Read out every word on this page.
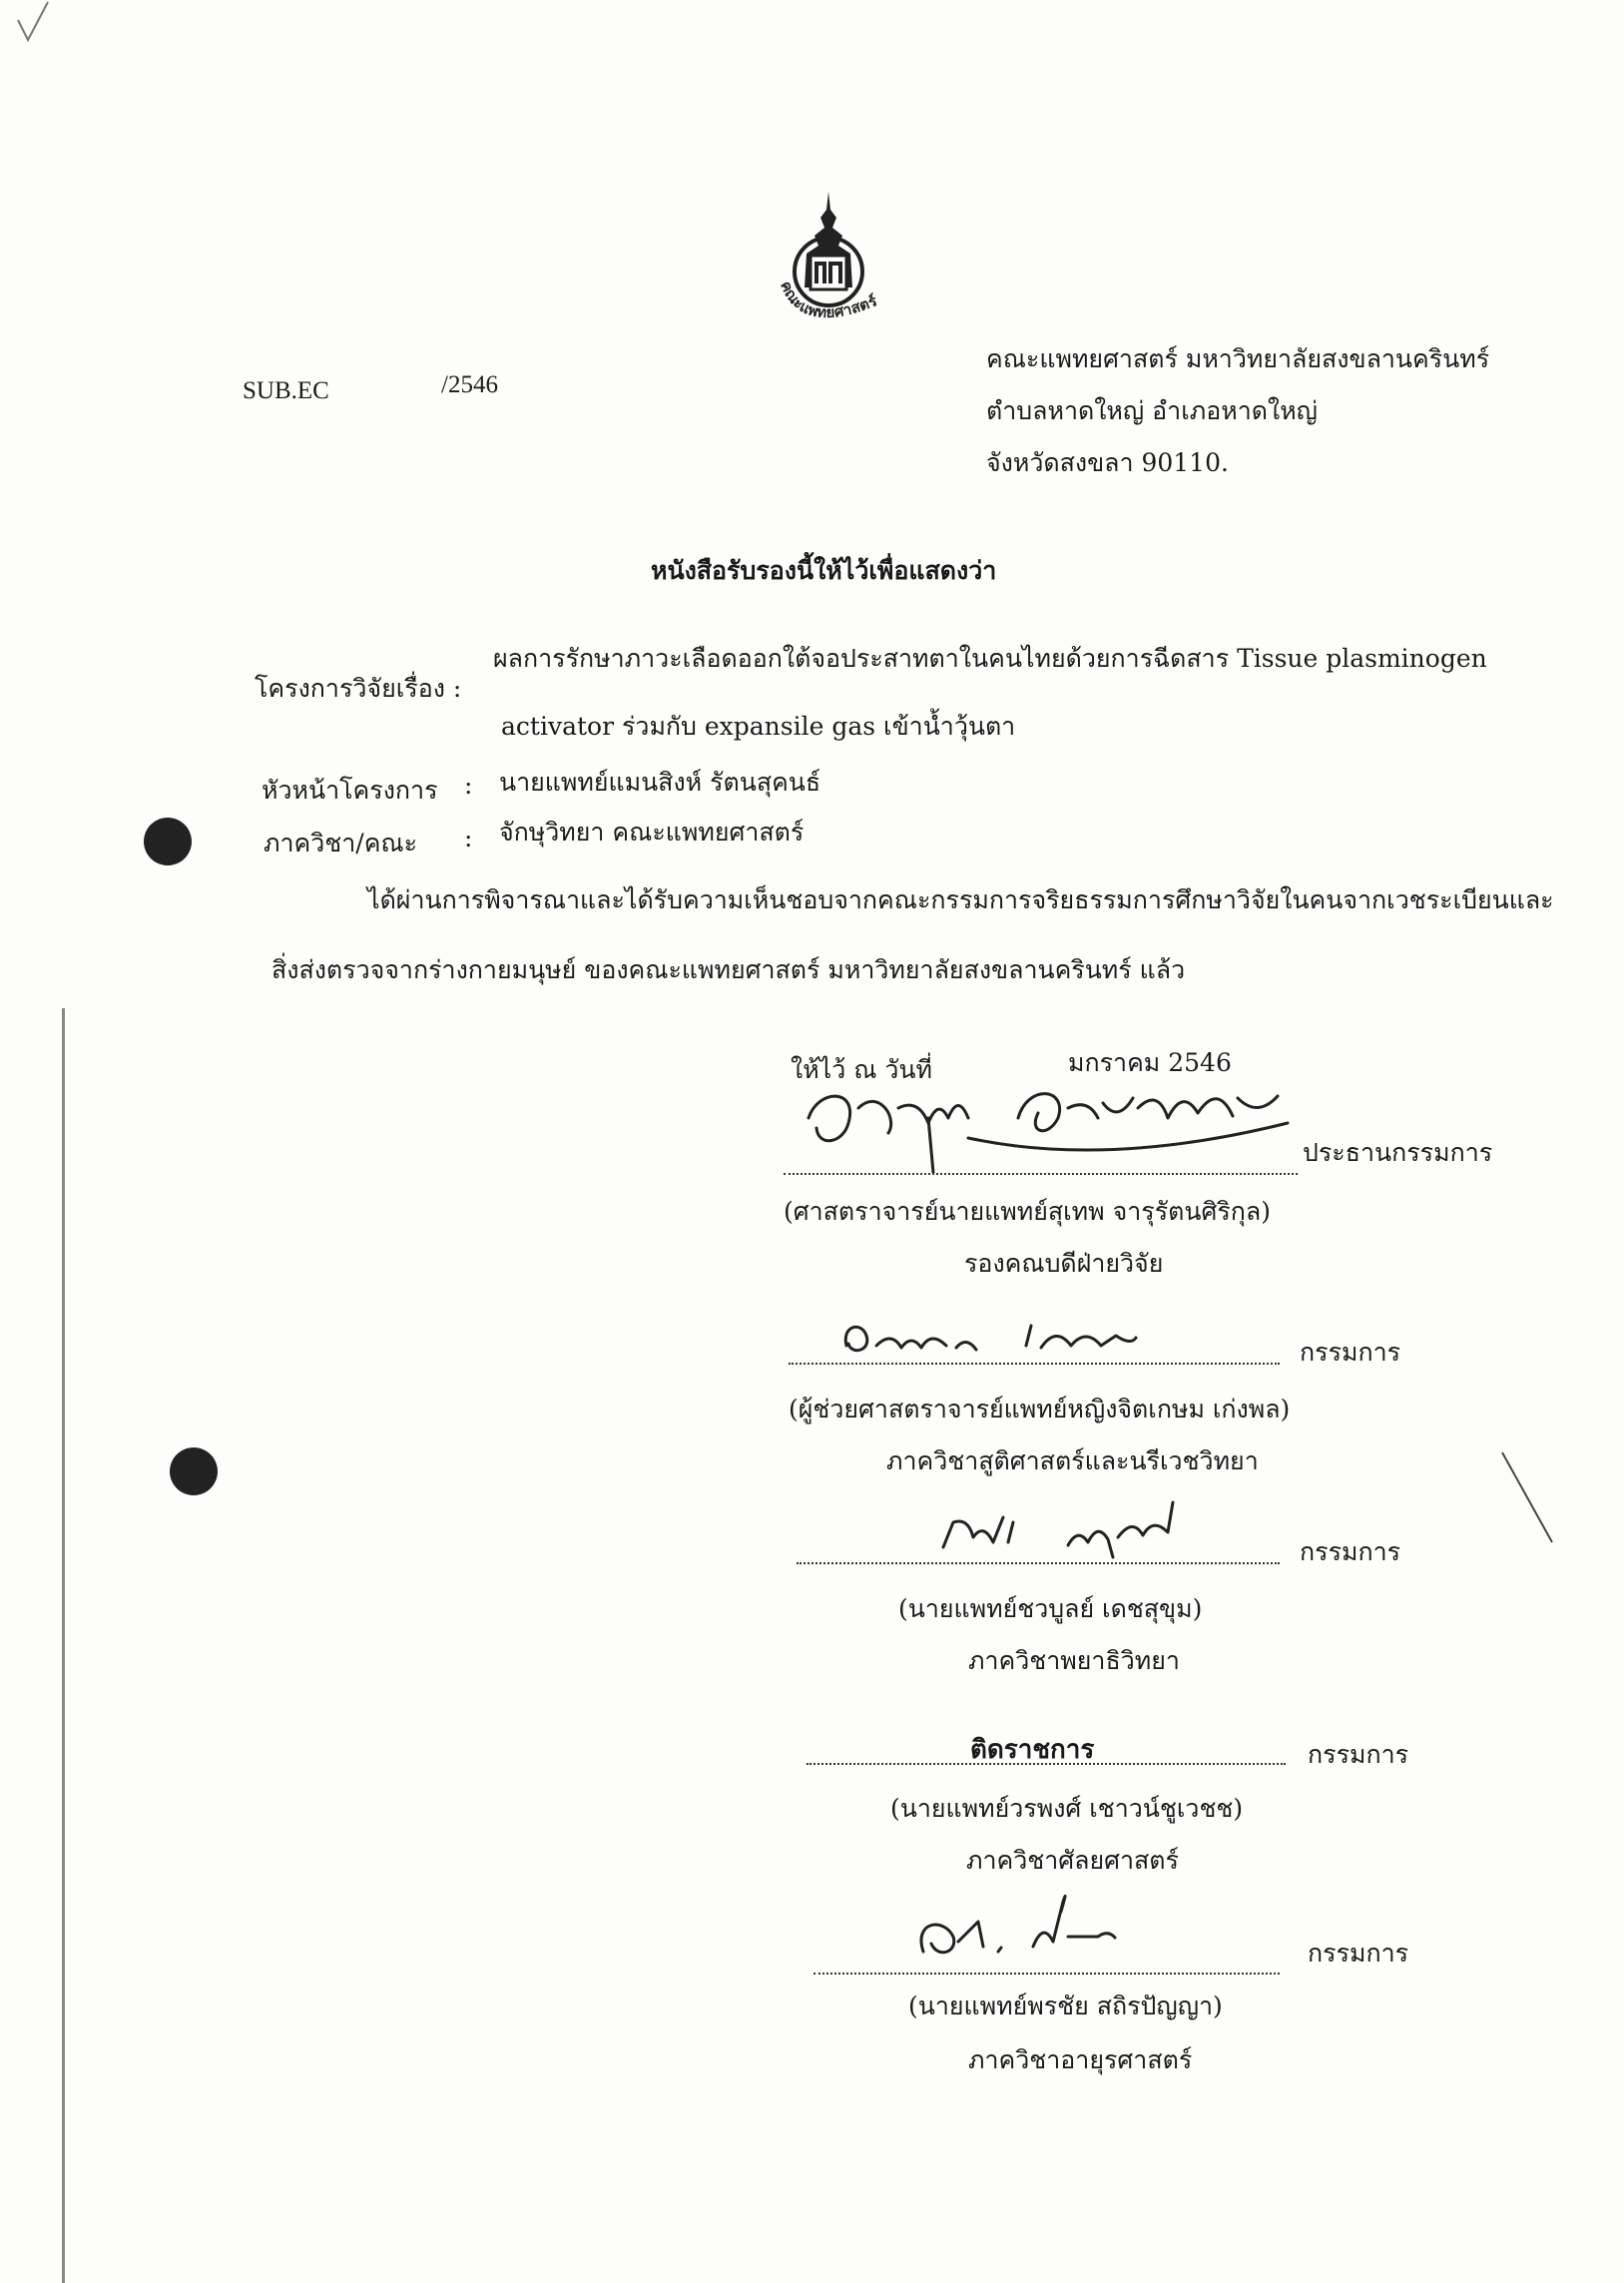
คณะแพทยศาสตร์
SUB.EC	/2546
คณะแพทยศาสตร์ มหาวิทยาลัยสงขลานครินทร์
ตำบลหาดใหญ่ อำเภอหาดใหญ่
จังหวัดสงขลา 90110.
หนังสือรับรองนี้ให้ไว้เพื่อแสดงว่า
โครงการวิจัยเรื่อง :
ผลการรักษาภาวะเลือดออกใต้จอประสาทตาในคนไทยด้วยการฉีดสาร Tissue plasminogen
activator ร่วมกับ expansile gas เข้าน้ำวุ้นตา
หัวหน้าโครงการ : นายแพทย์แมนสิงห์ รัตนสุคนธ์
ภาควิชา/คณะ : จักษุวิทยา คณะแพทยศาสตร์
ได้ผ่านการพิจารณาและได้รับความเห็นชอบจากคณะกรรมการจริยธรรมการศึกษาวิจัยในคนจากเวชระเบียนและ
สิ่งส่งตรวจจากร่างกายมนุษย์ ของคณะแพทยศาสตร์ มหาวิทยาลัยสงขลานครินทร์ แล้ว
ให้ไว้ ณ วันที่	มกราคม 2546
ประธานกรรมการ
(ศาสตราจารย์นายแพทย์สุเทพ จารุรัตนศิริกุล)
รองคณบดีฝ่ายวิจัย
กรรมการ
(ผู้ช่วยศาสตราจารย์แพทย์หญิงจิตเกษม เก่งพล)
ภาควิชาสูติศาสตร์และนรีเวชวิทยา
กรรมการ
(นายแพทย์ชวบูลย์ เดชสุขุม)
ภาควิชาพยาธิวิทยา
ติดราชการ	กรรมการ
(นายแพทย์วรพงศ์ เชาวน์ชูเวชช)
ภาควิชาศัลยศาสตร์
กรรมการ
(นายแพทย์พรชัย สถิรปัญญา)
ภาควิชาอายุรศาสตร์
